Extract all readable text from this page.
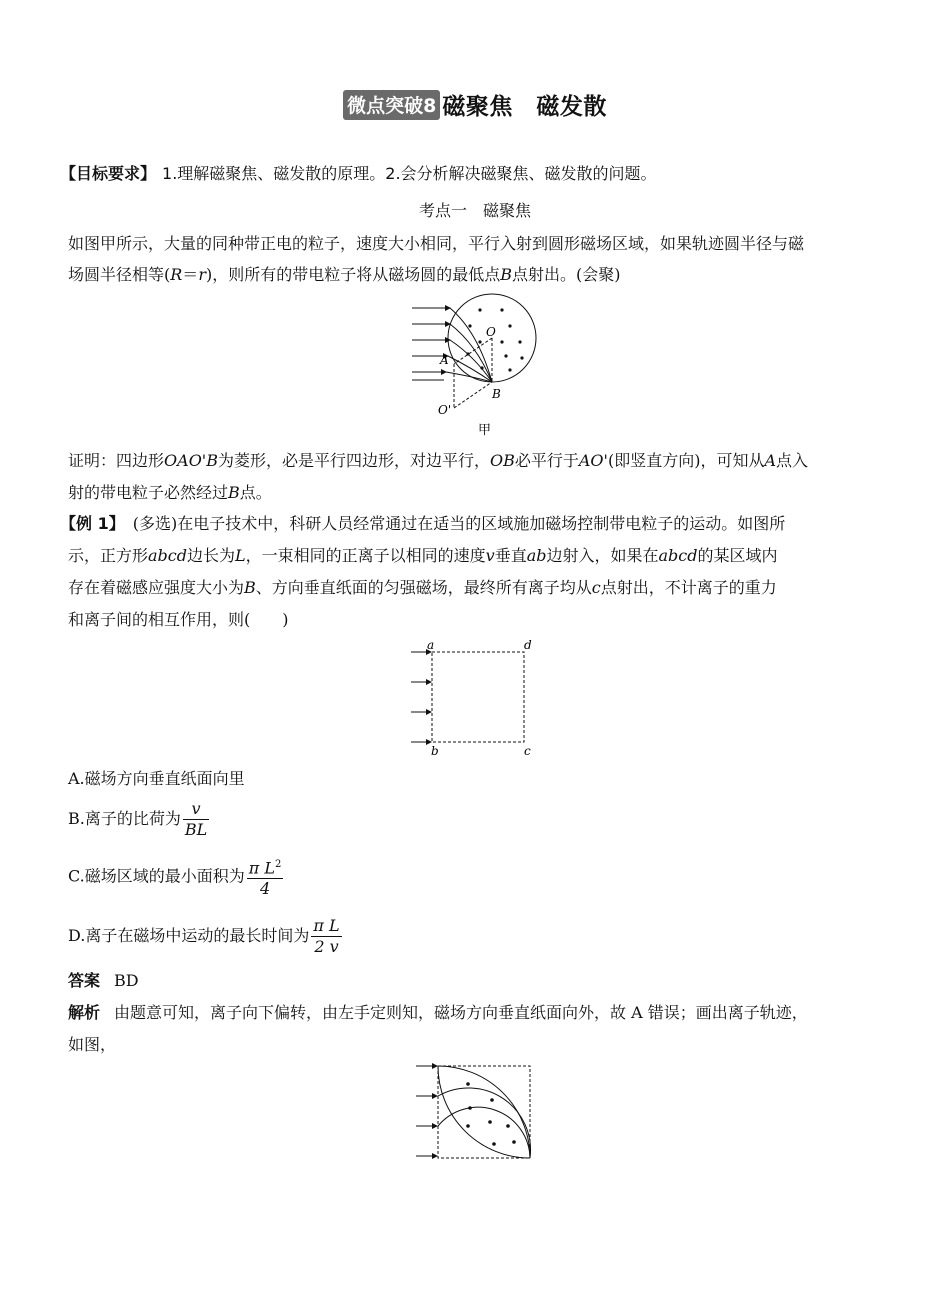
微点突破8 磁聚焦　磁发散
【目标要求】 1.理解磁聚焦、磁发散的原理。2.会分析解决磁聚焦、磁发散的问题。
考点一　磁聚焦
如图甲所示，大量的同种带正电的粒子，速度大小相同，平行入射到圆形磁场区域，如果轨迹圆半径与磁
场圆半径相等(R＝r)，则所有的带电粒子将从磁场圆的最低点B点射出。(会聚)
O
A
B
O'
甲
证明：四边形OAO'B为菱形，必是平行四边形，对边平行，OB必平行于AO'(即竖直方向)，可知从A点入
射的带电粒子必然经过B点。
【例 1】 (多选)在电子技术中，科研人员经常通过在适当的区域施加磁场控制带电粒子的运动。如图所
示，正方形abcd边长为L，一束相同的正离子以相同的速度v垂直ab边射入，如果在abcd的某区域内
存在着磁感应强度大小为B、方向垂直纸面的匀强磁场，最终所有离子均从c点射出，不计离子的重力
和离子间的相互作用，则(　　)
a
b	c
d
A.磁场方向垂直纸面向里
B.离子的比荷为 $\frac{v}{BL}$
C.磁场区域的最小面积为 $\frac{\pi L^2}{4}$
D.离子在磁场中运动的最长时间为 $\frac{\text{π L}}{2 v}$
答案 BD
解析 由题意可知，离子向下偏转，由左手定则知，磁场方向垂直纸面向外，故 A 错误；画出离子轨迹，
如图，
